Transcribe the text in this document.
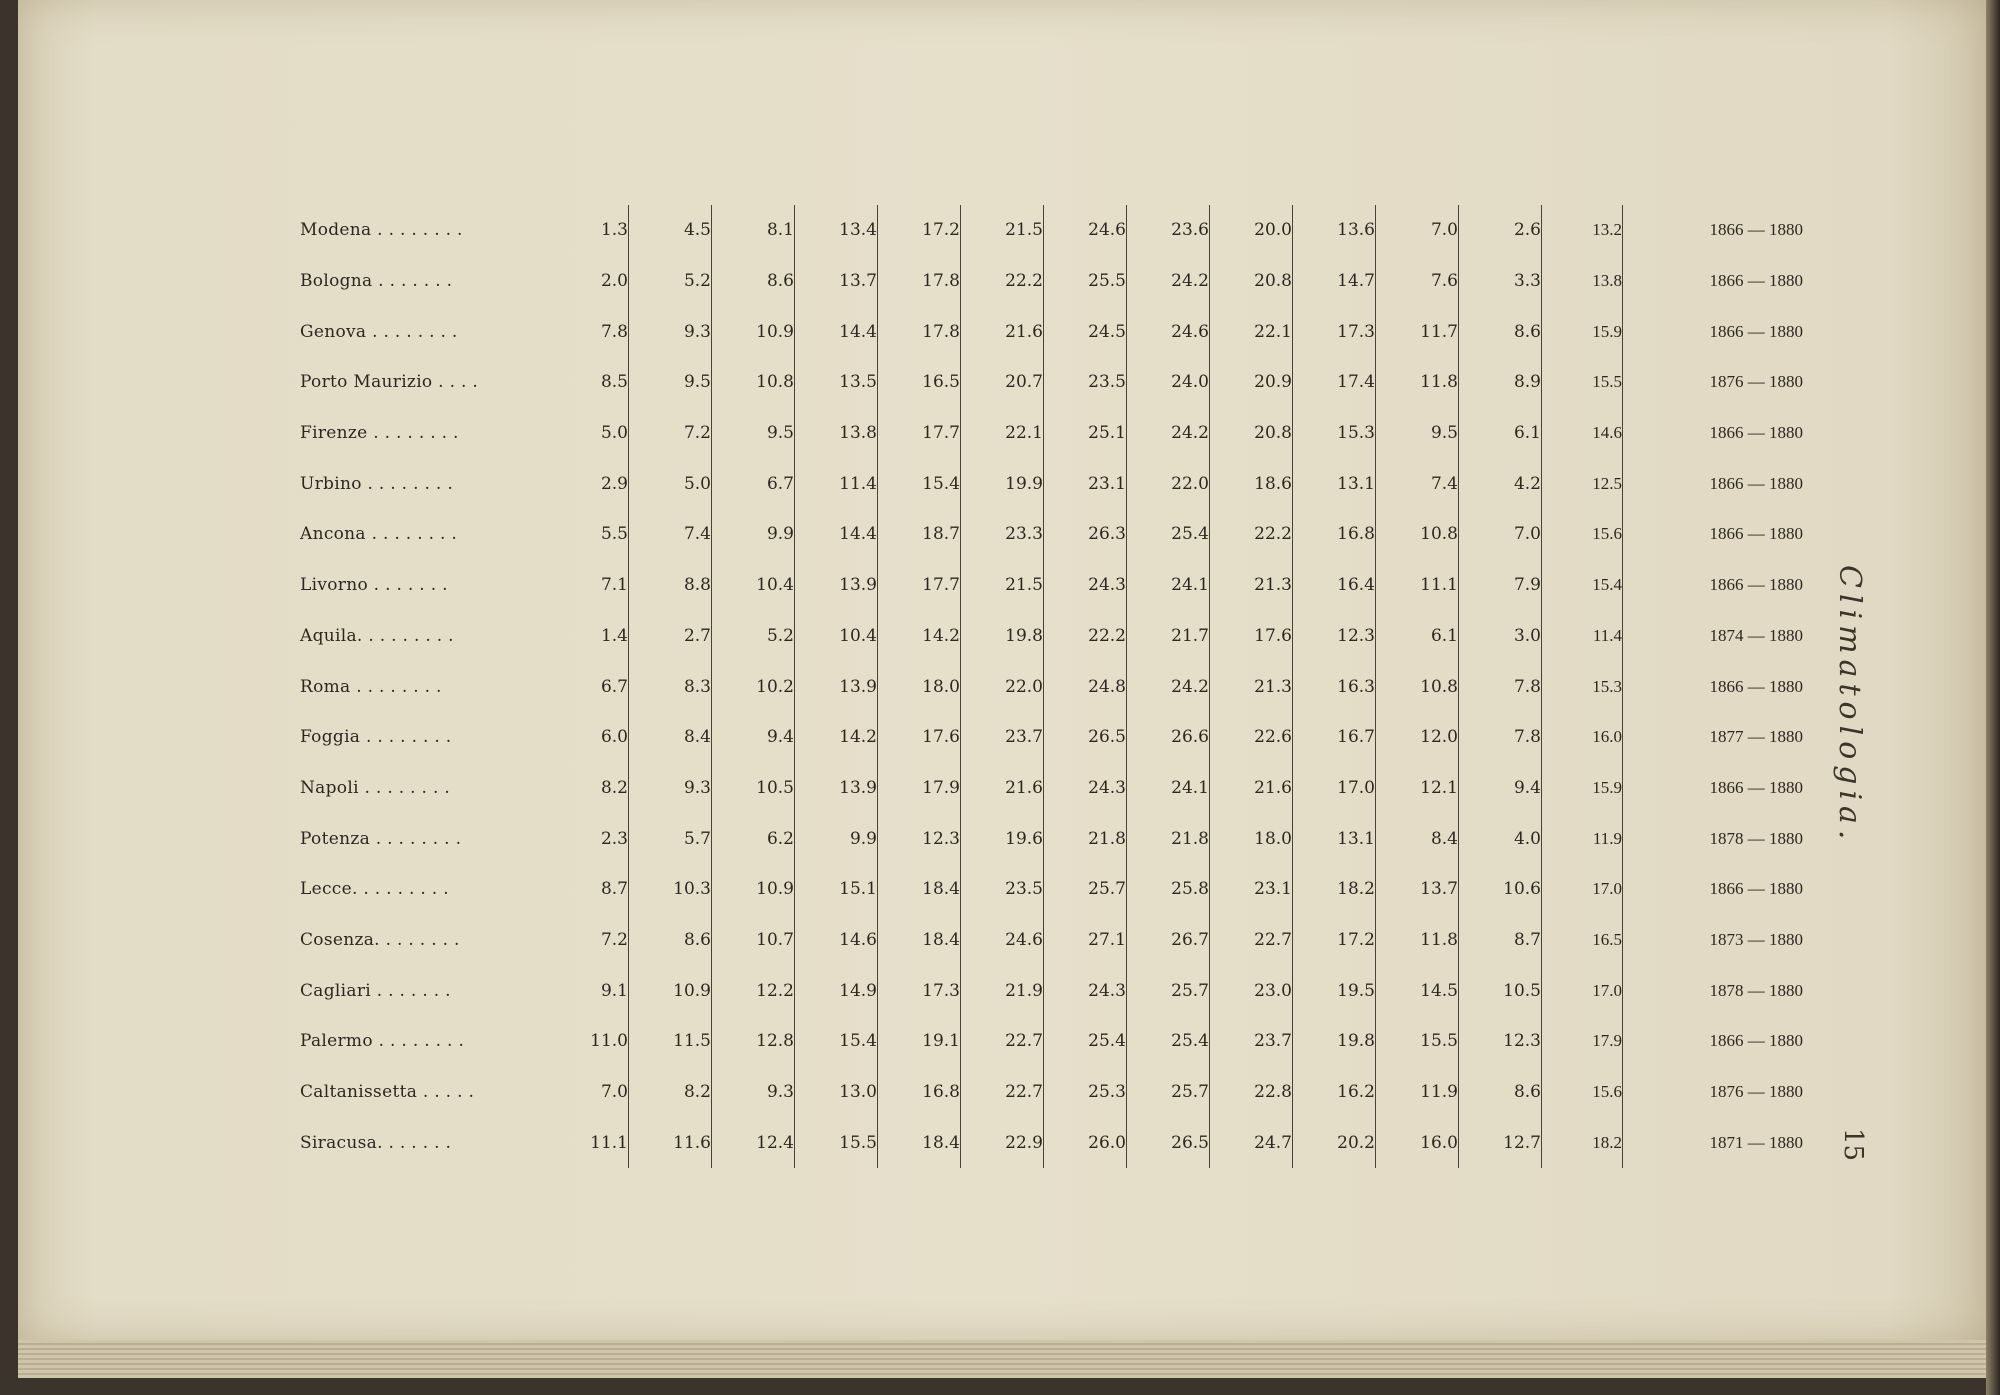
Modena . . . . . . . .	1.3	4.5	8.1	13.4	17.2	21.5	24.6	23.6	20.0	13.6	7.0	2.6	13.2	1866 — 1880
Bologna . . . . . . .	2.0	5.2	8.6	13.7	17.8	22.2	25.5	24.2	20.8	14.7	7.6	3.3	13.8	1866 — 1880
Genova . . . . . . . .	7.8	9.3	10.9	14.4	17.8	21.6	24.5	24.6	22.1	17.3	11.7	8.6	15.9	1866 — 1880
Porto Maurizio . . . .	8.5	9.5	10.8	13.5	16.5	20.7	23.5	24.0	20.9	17.4	11.8	8.9	15.5	1876 — 1880
Firenze . . . . . . . .	5.0	7.2	9.5	13.8	17.7	22.1	25.1	24.2	20.8	15.3	9.5	6.1	14.6	1866 — 1880
Urbino . . . . . . . .	2.9	5.0	6.7	11.4	15.4	19.9	23.1	22.0	18.6	13.1	7.4	4.2	12.5	1866 — 1880
Ancona . . . . . . . .	5.5	7.4	9.9	14.4	18.7	23.3	26.3	25.4	22.2	16.8	10.8	7.0	15.6	1866 — 1880
Livorno . . . . . . .	7.1	8.8	10.4	13.9	17.7	21.5	24.3	24.1	21.3	16.4	11.1	7.9	15.4	1866 — 1880
Aquila. . . . . . . . .	1.4	2.7	5.2	10.4	14.2	19.8	22.2	21.7	17.6	12.3	6.1	3.0	11.4	1874 — 1880
Roma . . . . . . . .	6.7	8.3	10.2	13.9	18.0	22.0	24.8	24.2	21.3	16.3	10.8	7.8	15.3	1866 — 1880
Foggia . . . . . . . .	6.0	8.4	9.4	14.2	17.6	23.7	26.5	26.6	22.6	16.7	12.0	7.8	16.0	1877 — 1880
Napoli . . . . . . . .	8.2	9.3	10.5	13.9	17.9	21.6	24.3	24.1	21.6	17.0	12.1	9.4	15.9	1866 — 1880
Potenza . . . . . . . .	2.3	5.7	6.2	9.9	12.3	19.6	21.8	21.8	18.0	13.1	8.4	4.0	11.9	1878 — 1880
Lecce. . . . . . . . .	8.7	10.3	10.9	15.1	18.4	23.5	25.7	25.8	23.1	18.2	13.7	10.6	17.0	1866 — 1880
Cosenza. . . . . . . .	7.2	8.6	10.7	14.6	18.4	24.6	27.1	26.7	22.7	17.2	11.8	8.7	16.5	1873 — 1880
Cagliari . . . . . . .	9.1	10.9	12.2	14.9	17.3	21.9	24.3	25.7	23.0	19.5	14.5	10.5	17.0	1878 — 1880
Palermo . . . . . . . .	11.0	11.5	12.8	15.4	19.1	22.7	25.4	25.4	23.7	19.8	15.5	12.3	17.9	1866 — 1880
Caltanissetta . . . . .	7.0	8.2	9.3	13.0	16.8	22.7	25.3	25.7	22.8	16.2	11.9	8.6	15.6	1876 — 1880
Siracusa. . . . . . .	11.1	11.6	12.4	15.5	18.4	22.9	26.0	26.5	24.7	20.2	16.0	12.7	18.2	1871 — 1880
Climatologia.
15
